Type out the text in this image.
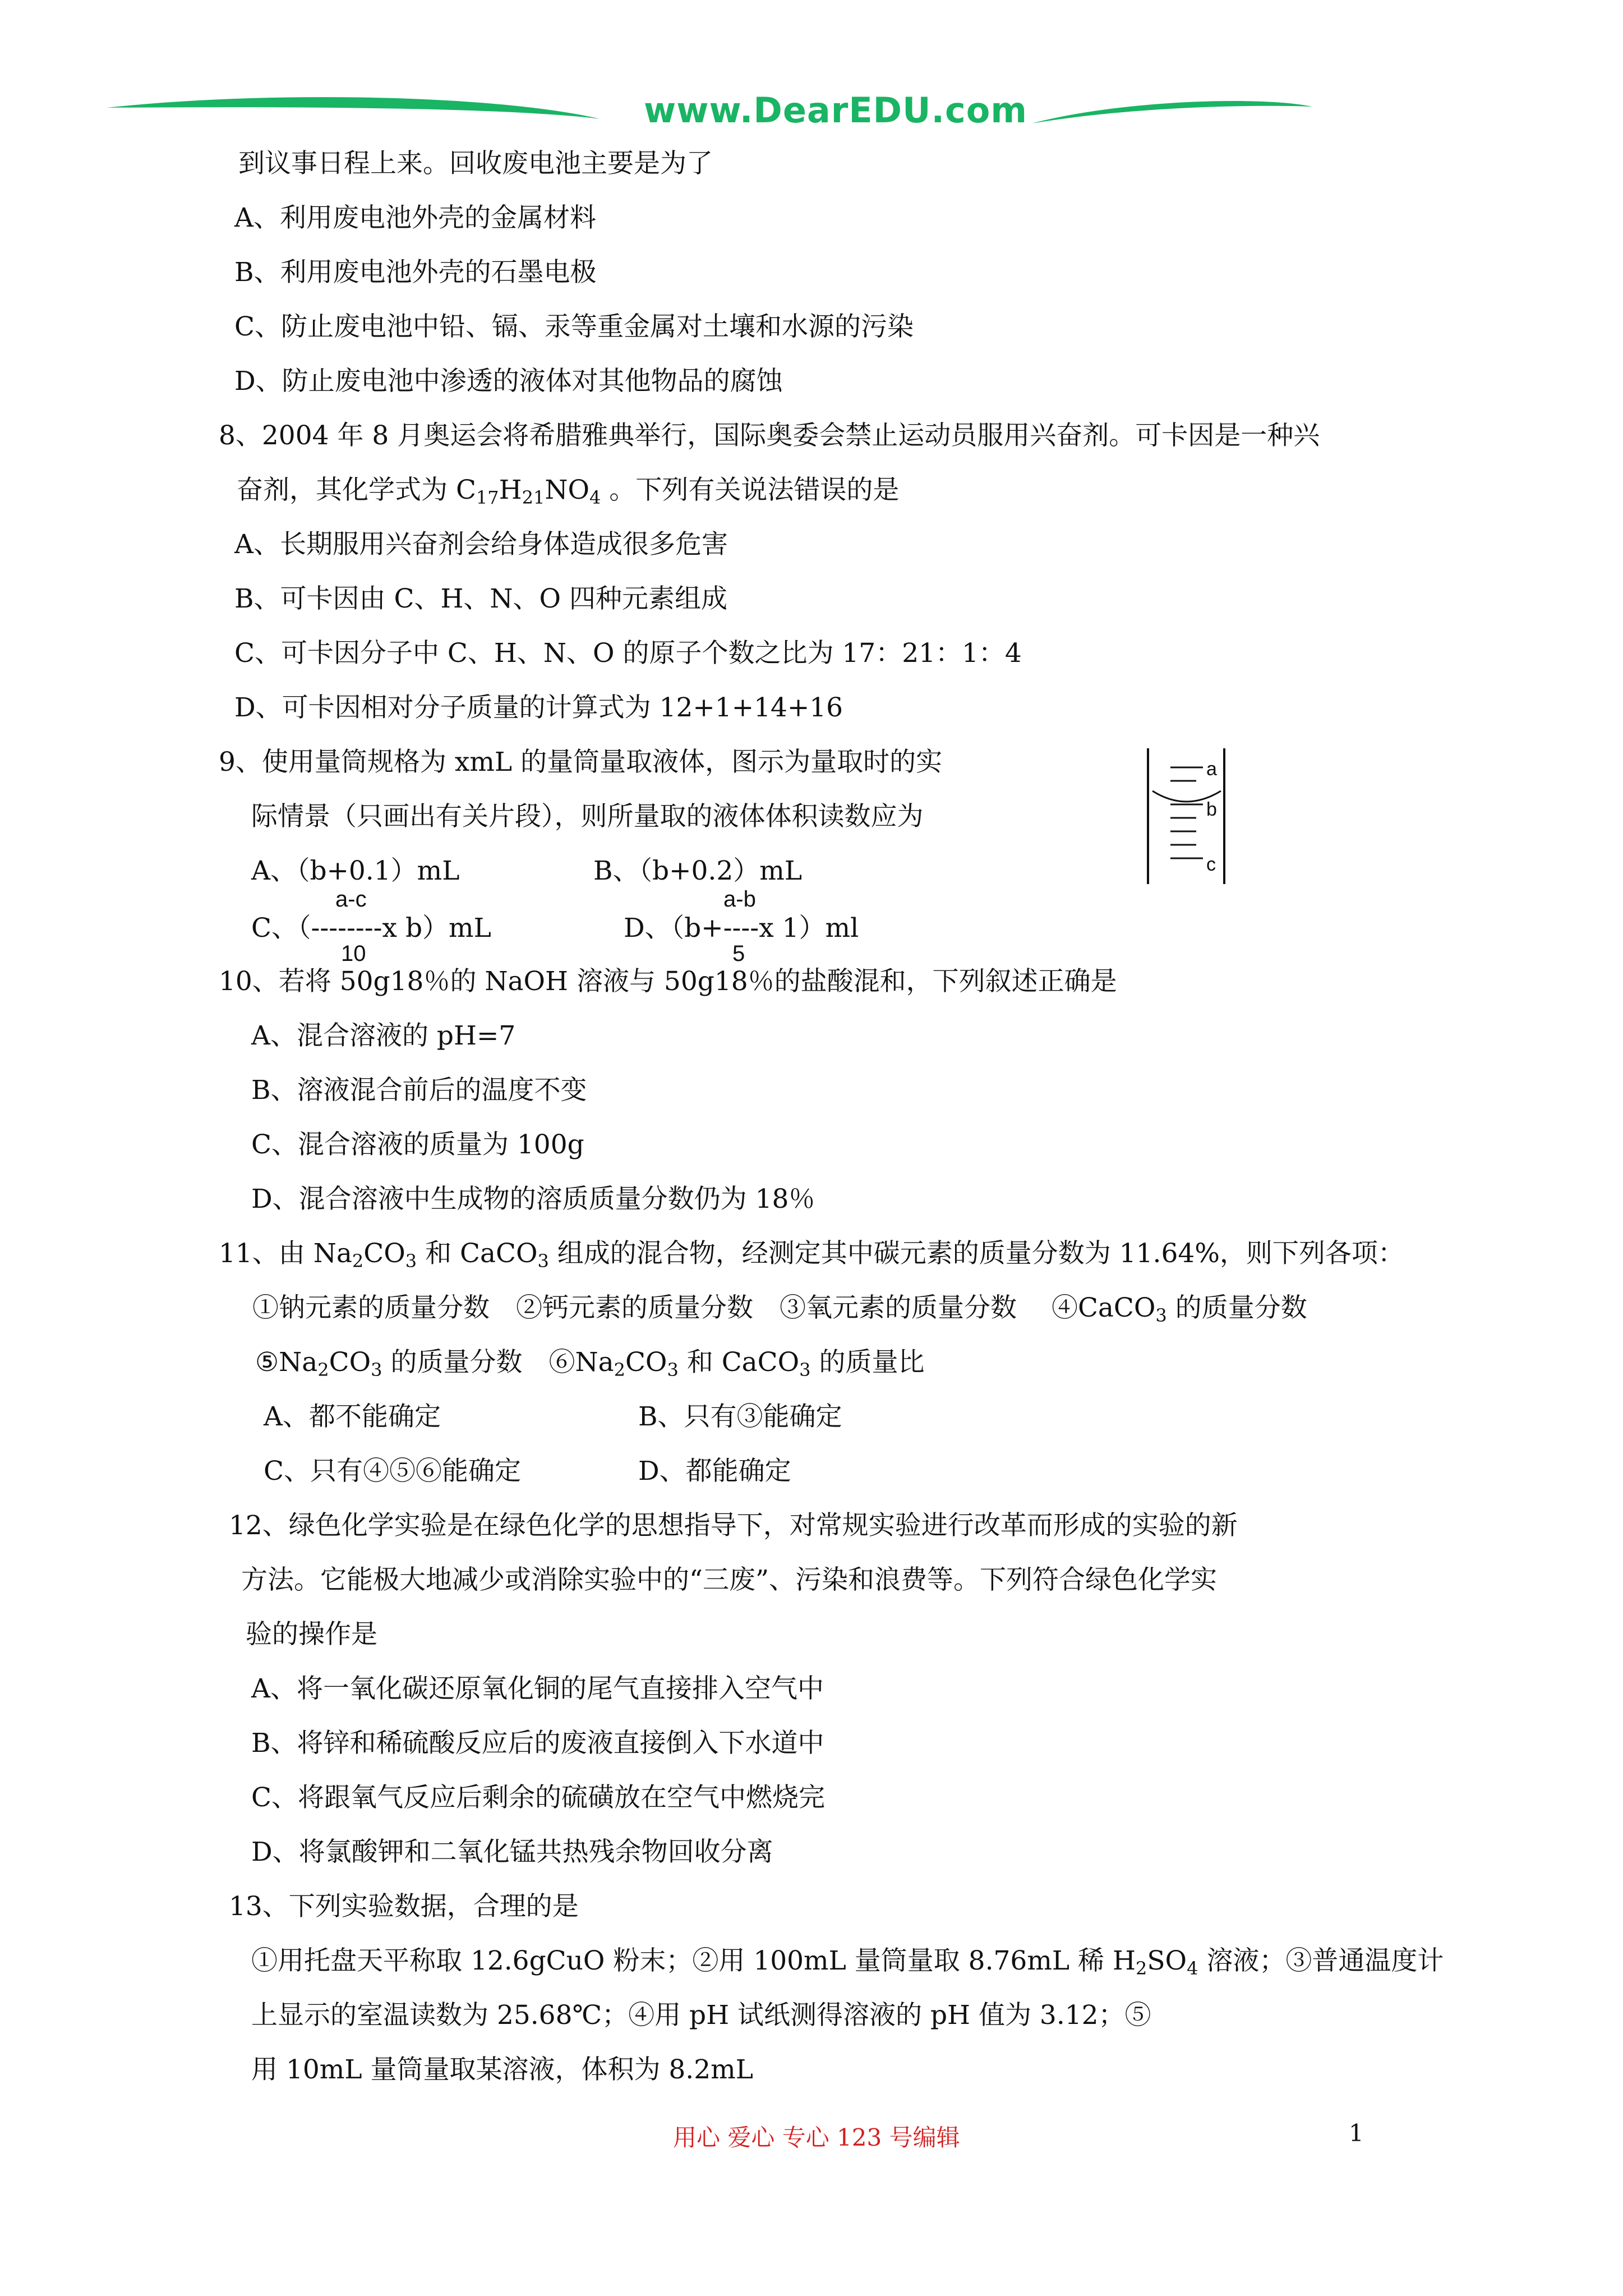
www.DearEDU.com
到议事日程上来。回收废电池主要是为了
A、利用废电池外壳的金属材料
B、利用废电池外壳的石墨电极
C、防止废电池中铅、镉、汞等重金属对土壤和水源的污染
D、防止废电池中渗透的液体对其他物品的腐蚀
8、2004 年 8 月奥运会将希腊雅典举行，国际奥委会禁止运动员服用兴奋剂。可卡因是一种兴
奋剂，其化学式为 $C_{17}H_{21}NO_4$ 。下列有关说法错误的是
A、长期服用兴奋剂会给身体造成很多危害
B、可卡因由 C、H、N、O 四种元素组成
C、可卡因分子中 C、H、N、O 的原子个数之比为 17：21：1：4
D、可卡因相对分子质量的计算式为 12+1+14+16
9、使用量筒规格为 xmL 的量筒量取液体，图示为量取时的实
际情景（只画出有关片段），则所量取的液体体积读数应为
A、（b+0.1）mL	B、（b+0.2）mL
C、（--------x b）mL
a-c
10
D、（b+----x 1）ml
a-b
5
a
b
c
10、若将 50g18％的 NaOH 溶液与 50g18％的盐酸混和，下列叙述正确是
A、混合溶液的 pH=7
B、溶液混合前后的温度不变
C、混合溶液的质量为 100g
D、混合溶液中生成物的溶质质量分数仍为 18％
11、由 $Na_2CO_3$ 和 CaCO$_3$ 组成的混合物，经测定其中碳元素的质量分数为 11.64%，则下列各项：
①钠元素的质量分数　②钙元素的质量分数　③氧元素的质量分数　 ④CaCO$_3$ 的质量分数
$⑤Na_2CO_3$ 的质量分数　$⑥Na_2CO_3$ 和 CaCO$_3$ 的质量比
A、都不能确定	B、只有③能确定
C、只有④⑤⑥能确定	D、都能确定
12、绿色化学实验是在绿色化学的思想指导下，对常规实验进行改革而形成的实验的新
方法。它能极大地减少或消除实验中的“三废”、污染和浪费等。下列符合绿色化学实
验的操作是
A、将一氧化碳还原氧化铜的尾气直接排入空气中
B、将锌和稀硫酸反应后的废液直接倒入下水道中
C、将跟氧气反应后剩余的硫磺放在空气中燃烧完
D、将氯酸钾和二氧化锰共热残余物回收分离
13、下列实验数据，合理的是
①用托盘天平称取 12.6gCuO 粉末；②用 100mL 量筒量取 8.76mL 稀 $H_2SO_4$ 溶液；③普通温度计
上显示的室温读数为 25.68℃；④用 pH 试纸测得溶液的 pH 值为 3.12；⑤
用 10mL 量筒量取某溶液，体积为 8.2mL
用心 爱心 专心 123 号编辑	1
